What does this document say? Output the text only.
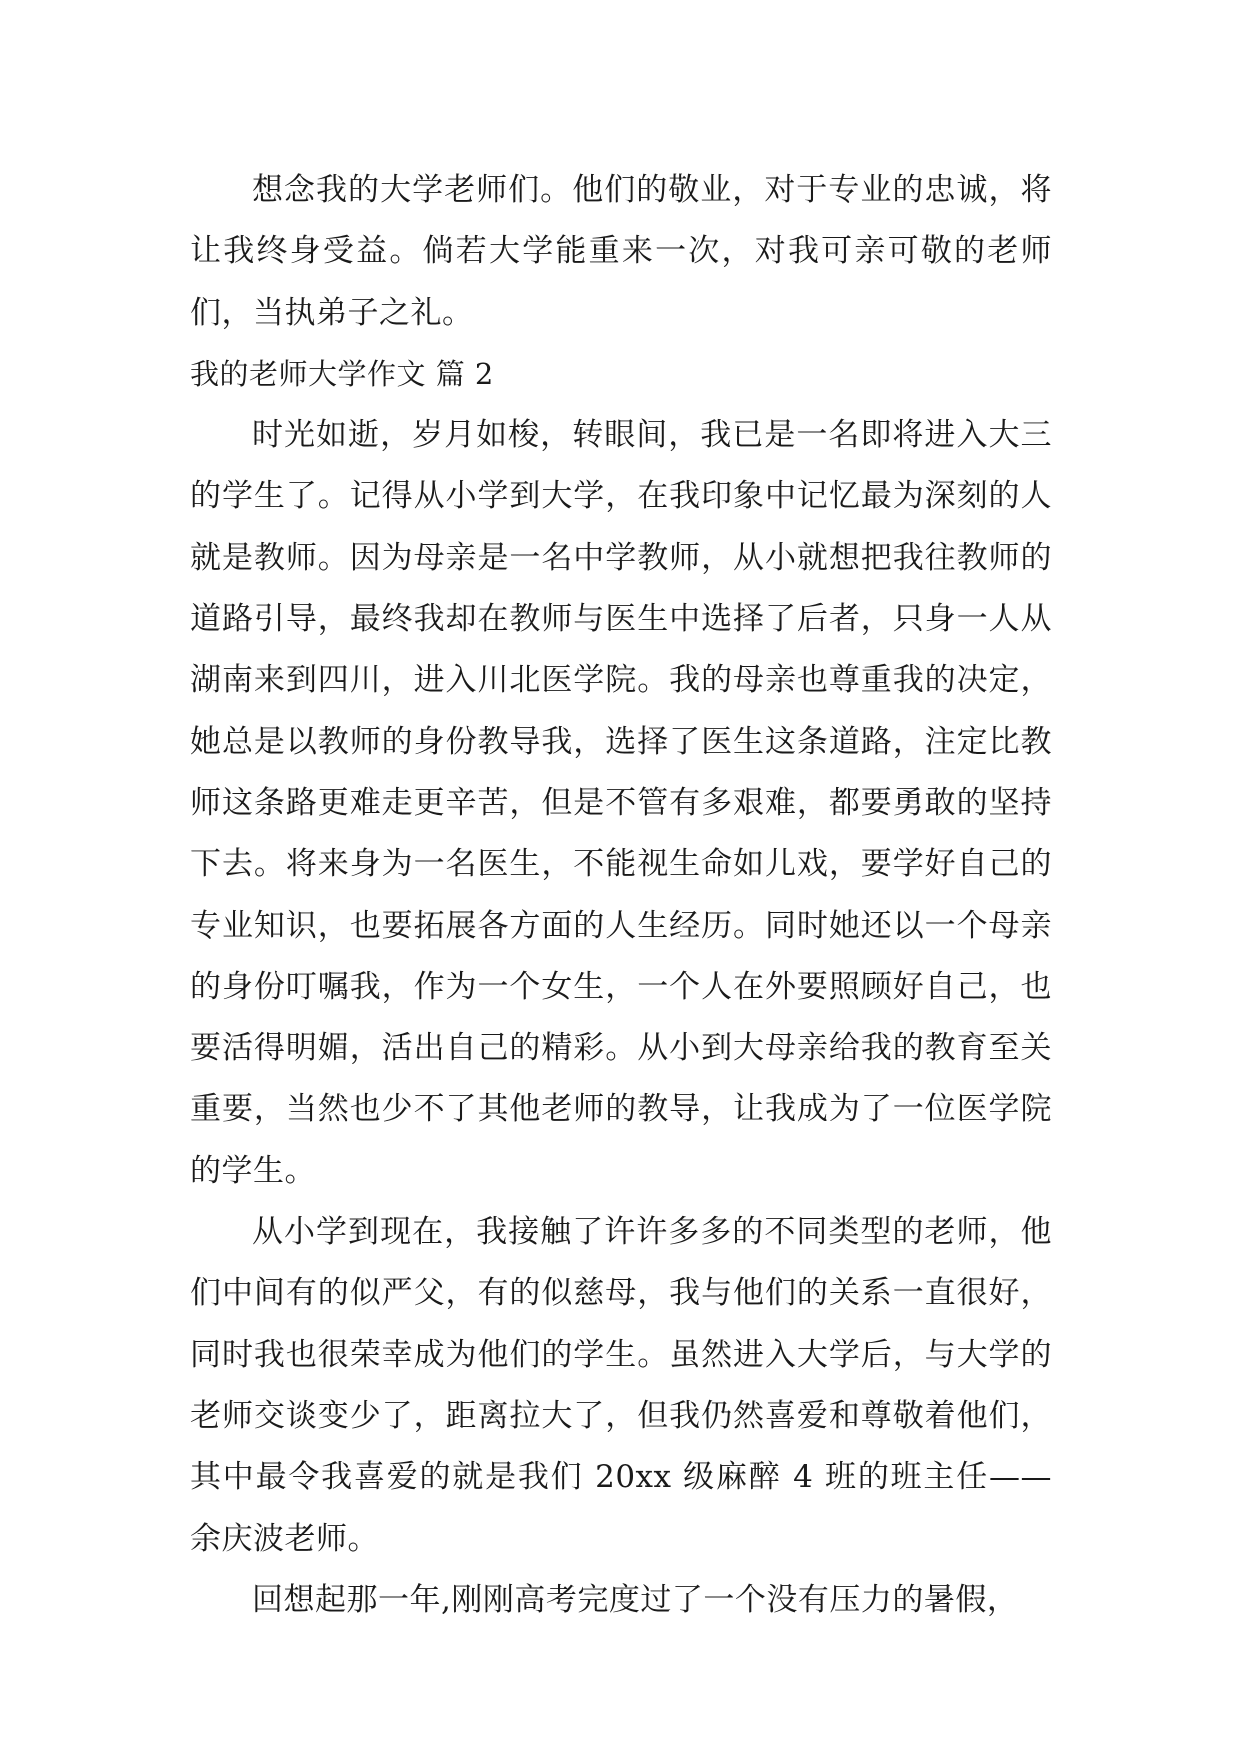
想念我的大学老师们。他们的敬业，对于专业的忠诚，将让我终身受益。倘若大学能重来一次，对我可亲可敬的老师们，当执弟子之礼。

我的老师大学作文 篇 2

时光如逝，岁月如梭，转眼间，我已是一名即将进入大三的学生了。记得从小学到大学，在我印象中记忆最为深刻的人就是教师。因为母亲是一名中学教师，从小就想把我往教师的道路引导，最终我却在教师与医生中选择了后者，只身一人从湖南来到四川，进入川北医学院。我的母亲也尊重我的决定，她总是以教师的身份教导我，选择了医生这条道路，注定比教师这条路更难走更辛苦，但是不管有多艰难，都要勇敢的坚持下去。将来身为一名医生，不能视生命如儿戏，要学好自己的专业知识，也要拓展各方面的人生经历。同时她还以一个母亲的身份叮嘱我，作为一个女生，一个人在外要照顾好自己，也要活得明媚，活出自己的精彩。从小到大母亲给我的教育至关重要，当然也少不了其他老师的教导，让我成为了一位医学院的学生。

从小学到现在，我接触了许许多多的不同类型的老师，他们中间有的似严父，有的似慈母，我与他们的关系一直很好，同时我也很荣幸成为他们的学生。虽然进入大学后，与大学的老师交谈变少了，距离拉大了，但我仍然喜爱和尊敬着他们，其中最令我喜爱的就是我们 20xx 级麻醉 4 班的班主任——余庆波老师。

回想起那一年,刚刚高考完度过了一个没有压力的暑假，
